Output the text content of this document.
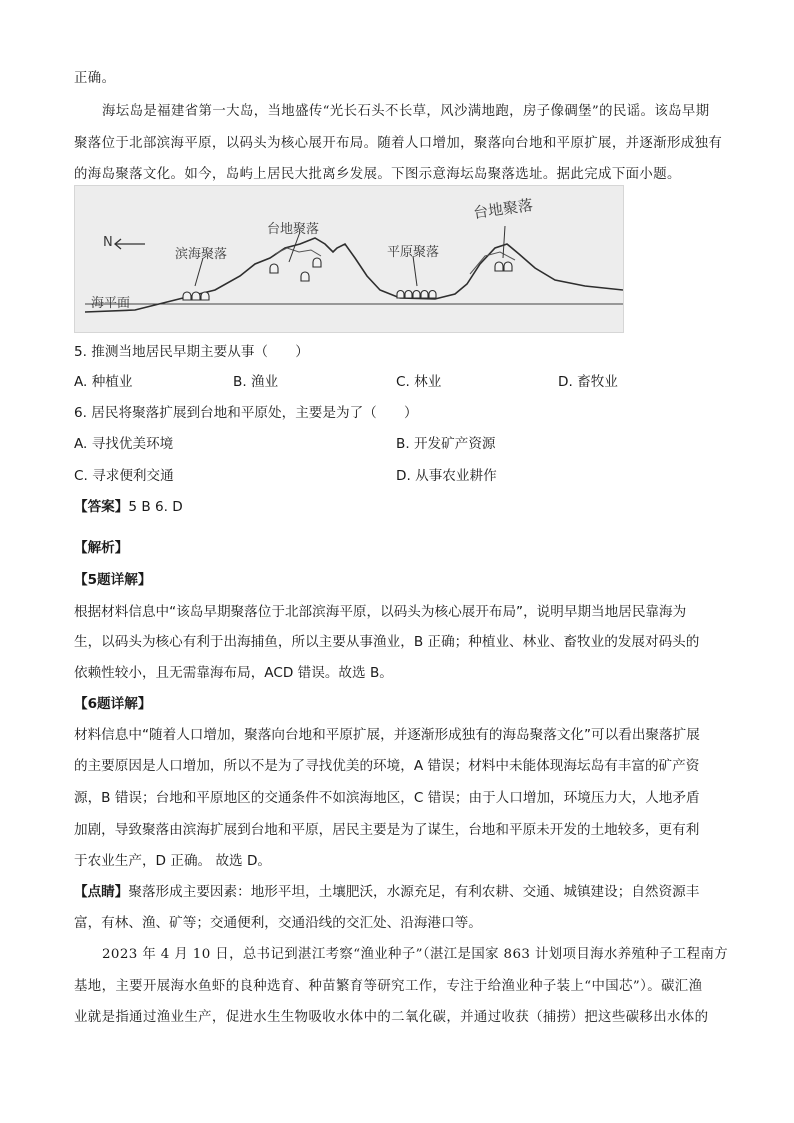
正确。
海坛岛是福建省第一大岛，当地盛传“光长石头不长草，风沙满地跑，房子像碉堡”的民谣。该岛早期
聚落位于北部滨海平原，以码头为核心展开布局。随着人口增加，聚落向台地和平原扩展，并逐渐形成独有
的海岛聚落文化。如今，岛屿上居民大批离乡发展。下图示意海坛岛聚落选址。据此完成下面小题。
N
滨海聚落
台地聚落
平原聚落
台地聚落
海平面
5. 推测当地居民早期主要从事（　　）
A. 种植业	B. 渔业	C. 林业	D. 畜牧业
6. 居民将聚落扩展到台地和平原处，主要是为了（　　）
A. 寻找优美环境	B. 开发矿产资源
C. 寻求便利交通	D. 从事农业耕作
【答案】5 B 6. D
【解析】
【5题详解】
根据材料信息中“该岛早期聚落位于北部滨海平原，以码头为核心展开布局”，说明早期当地居民靠海为
生，以码头为核心有利于出海捕鱼，所以主要从事渔业，B 正确；种植业、林业、畜牧业的发展对码头的
依赖性较小，且无需靠海布局，ACD 错误。故选 B。
【6题详解】
材料信息中“随着人口增加，聚落向台地和平原扩展，并逐渐形成独有的海岛聚落文化”可以看出聚落扩展
的主要原因是人口增加，所以不是为了寻找优美的环境，A 错误；材料中未能体现海坛岛有丰富的矿产资
源，B 错误；台地和平原地区的交通条件不如滨海地区，C 错误；由于人口增加，环境压力大，人地矛盾
加剧，导致聚落由滨海扩展到台地和平原，居民主要是为了谋生，台地和平原未开发的土地较多，更有利
于农业生产，D 正确。 故选 D。
【点睛】聚落形成主要因素：地形平坦，土壤肥沃，水源充足，有利农耕、交通、城镇建设；自然资源丰
富，有林、渔、矿等；交通便利，交通沿线的交汇处、沿海港口等。
2023 年 4 月 10 日，总书记到湛江考察“渔业种子”（湛江是国家 863 计划项目海水养殖种子工程南方
基地，主要开展海水鱼虾的良种选育、种苗繁育等研究工作，专注于给渔业种子装上“中国芯”）。碳汇渔
业就是指通过渔业生产，促进水生生物吸收水体中的二氧化碳，并通过收获（捕捞）把这些碳移出水体的
